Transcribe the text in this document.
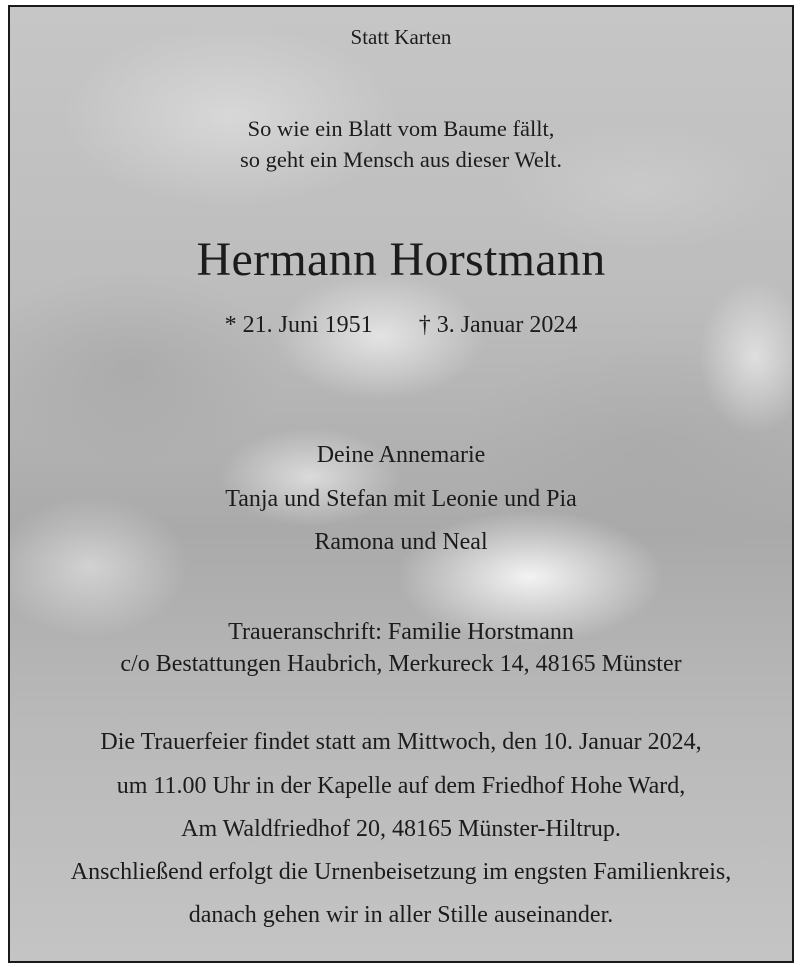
Statt Karten
So wie ein Blatt vom Baume fällt,
so geht ein Mensch aus dieser Welt.
Hermann Horstmann
* 21. Juni 1951 † 3. Januar 2024
Deine Annemarie
Tanja und Stefan mit Leonie und Pia
Ramona und Neal
Traueranschrift: Familie Horstmann
c/o Bestattungen Haubrich, Merkureck 14, 48165 Münster
Die Trauerfeier findet statt am Mittwoch, den 10. Januar 2024,
um 11.00 Uhr in der Kapelle auf dem Friedhof Hohe Ward,
Am Waldfriedhof 20, 48165 Münster-Hiltrup.
Anschließend erfolgt die Urnenbeisetzung im engsten Familienkreis,
danach gehen wir in aller Stille auseinander.
